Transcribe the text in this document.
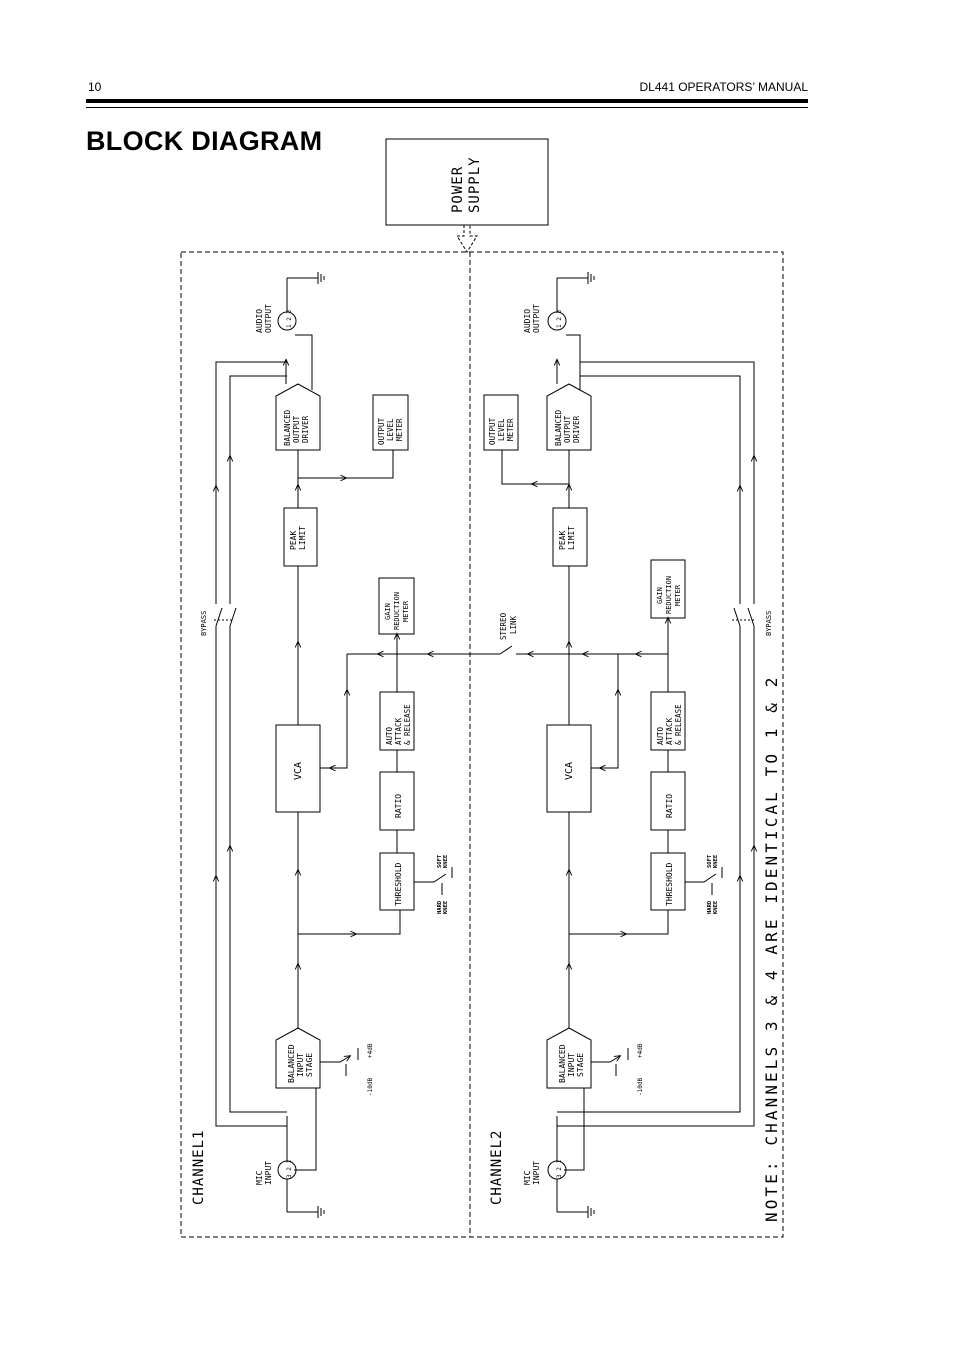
10	DL441 OPERATORS’ MANUAL
BLOCK DIAGRAM
POWER SUPPLY
CHANNEL1	3 2 1
MIC INPUT
BALANCED INPUT STAGE
-10dB
+4dB
THRESHOLD
HARD KNEE
SOFT KNEE
RATIO
VCA
AUTO ATTACK & RELEASE
GAIN REDUCTION METER
PEAK LIMIT
OUTPUT LEVEL METER
BALANCED OUTPUT DRIVER
1 2 3
AUDIO OUTPUT
BYPASS	STEREO LINK
CHANNEL2	3 2 1
MIC INPUT
BALANCED INPUT STAGE
-10dB
+4dB
THRESHOLD
HARD KNEE
SOFT KNEE
RATIO
VCA
AUTO ATTACK & RELEASE
GAIN REDUCTION METER
PEAK LIMIT
OUTPUT LEVEL METER	BALANCED OUTPUT DRIVER
1 2 3
AUDIO OUTPUT
BYPASS
NOTE: CHANNELS 3 & 4 ARE IDENTICAL TO 1 & 2
